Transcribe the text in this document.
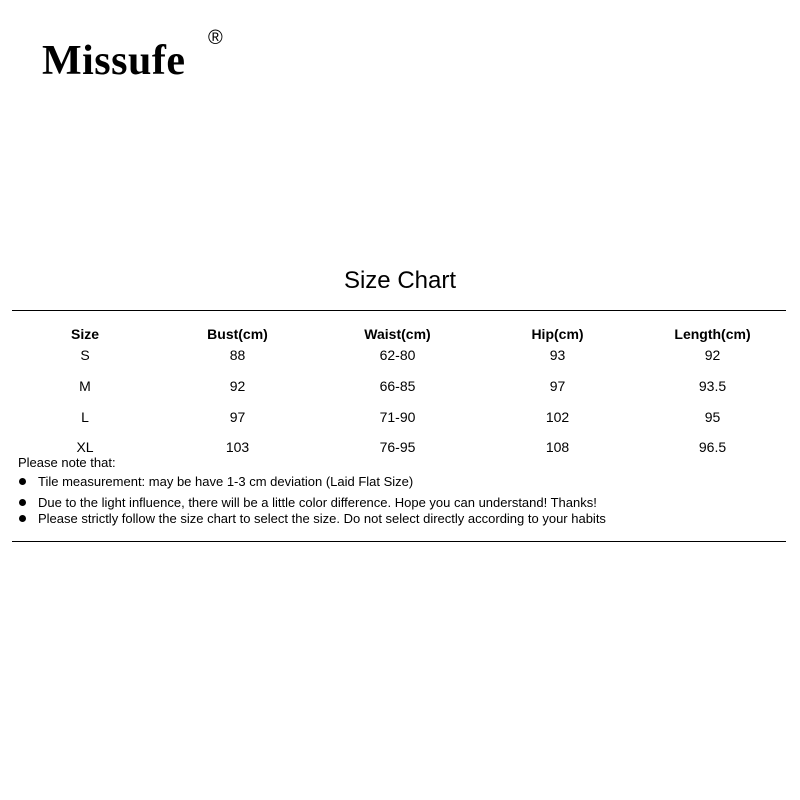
Missufe ®
Size Chart
Size	Bust(cm)	Waist(cm)	Hip(cm)	Length(cm)
S	88	62-80	93	92
M	92	66-85	97	93.5
L	97	71-90	102	95
XL	103	76-95	108	96.5
Please note that:
Tile measurement: may be have 1-3 cm deviation (Laid Flat Size)
Due to the light influence, there will be a little color difference. Hope you can understand! Thanks!
Please strictly follow the size chart to select the size. Do not select directly according to your habits
